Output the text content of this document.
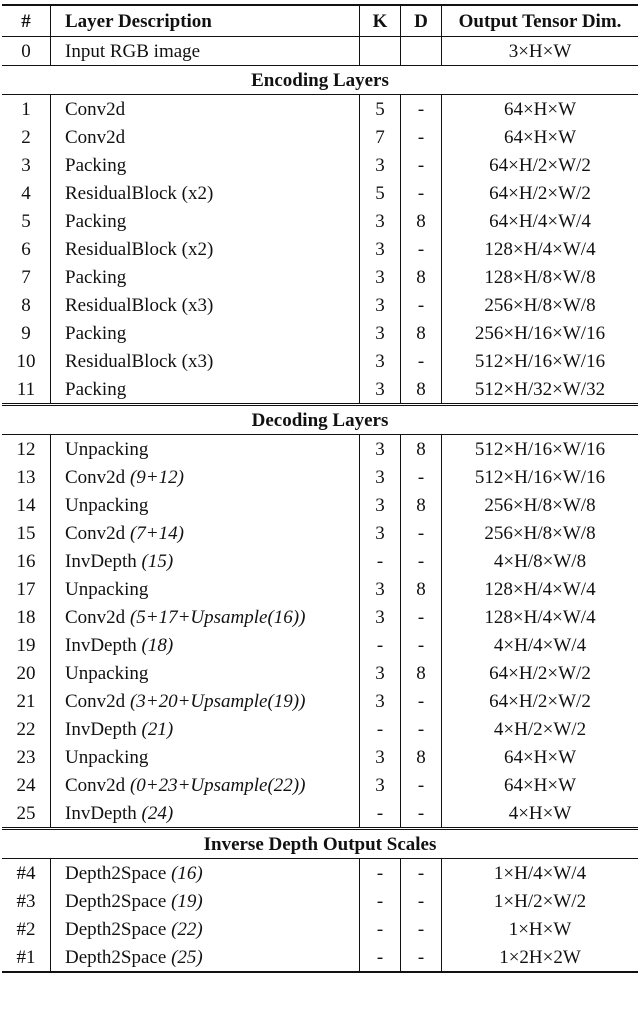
#	Layer Description	K	D	Output Tensor Dim.
0	Input RGB image			3×H×W
Encoding Layers				
1	Conv2d	5	-	64×H×W
2	Conv2d	7	-	64×H×W
3	Packing	3	-	64×H/2×W/2
4	ResidualBlock (x2)	5	-	64×H/2×W/2
5	Packing	3	8	64×H/4×W/4
6	ResidualBlock (x2)	3	-	128×H/4×W/4
7	Packing	3	8	128×H/8×W/8
8	ResidualBlock (x3)	3	-	256×H/8×W/8
9	Packing	3	8	256×H/16×W/16
10	ResidualBlock (x3)	3	-	512×H/16×W/16
11	Packing	3	8	512×H/32×W/32
Decoding Layers				
12	Unpacking	3	8	512×H/16×W/16
13	Conv2d (9+12)	3	-	512×H/16×W/16
14	Unpacking	3	8	256×H/8×W/8
15	Conv2d (7+14)	3	-	256×H/8×W/8
16	InvDepth (15)	-	-	4×H/8×W/8
17	Unpacking	3	8	128×H/4×W/4
18	Conv2d (5+17+Upsample(16))	3	-	128×H/4×W/4
19	InvDepth (18)	-	-	4×H/4×W/4
20	Unpacking	3	8	64×H/2×W/2
21	Conv2d (3+20+Upsample(19))	3	-	64×H/2×W/2
22	InvDepth (21)	-	-	4×H/2×W/2
23	Unpacking	3	8	64×H×W
24	Conv2d (0+23+Upsample(22))	3	-	64×H×W
25	InvDepth (24)	-	-	4×H×W
Inverse Depth Output Scales				
#4	Depth2Space (16)	-	-	1×H/4×W/4
#3	Depth2Space (19)	-	-	1×H/2×W/2
#2	Depth2Space (22)	-	-	1×H×W
#1	Depth2Space (25)	-	-	1×2H×2W
